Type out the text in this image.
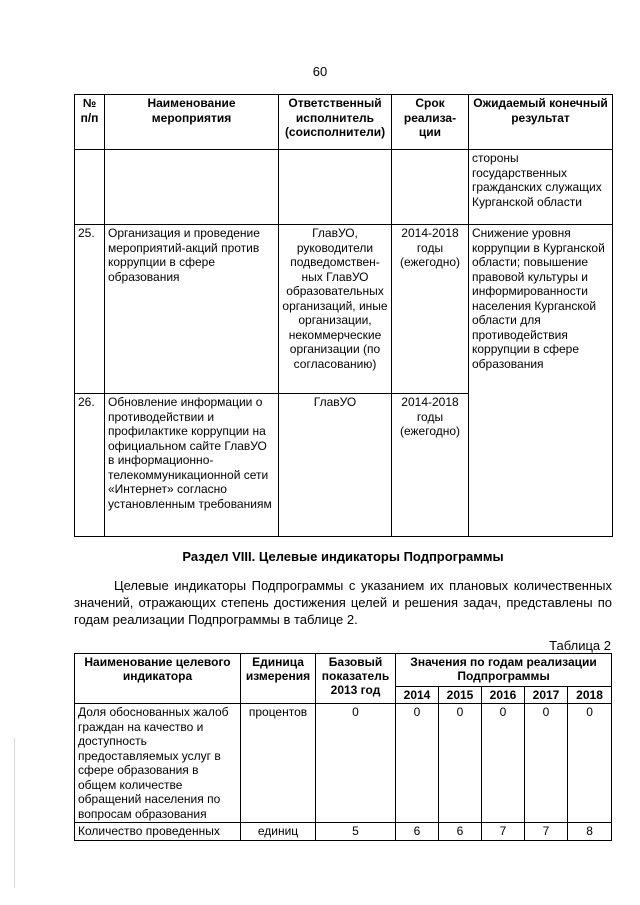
60
№ п/п	Наименование мероприятия	Ответственный исполнитель (соисполнители)	Срок реализа-ции	Ожидаемый конечный результат
				стороны государственных гражданских служащих Курганской области
25.	Организация и проведение мероприятий-акций против коррупции в сфере образования	ГлавУО, руководители подведомствен-ных ГлавУО образовательных организаций, иные организации, некоммерческие организации (по согласованию)	2014-2018 годы (ежегодно)	Снижение уровня коррупции в Курганской области; повышение правовой культуры и информированности населения Курганской области для противодействия коррупции в сфере образования
26.	Обновление информации о противодействии и профилактике коррупции на официальном сайте ГлавУО в информационно-телекоммуникационной сети «Интернет» согласно установленным требованиям	ГлавУО	2014-2018 годы (ежегодно)	
Раздел VIII. Целевые индикаторы Подпрограммы

Целевые индикаторы Подпрограммы с указанием их плановых количественных значений, отражающих степень достижения целей и решения задач, представлены по годам реализации Подпрограммы в таблице 2.

Таблица 2
Наименование целевого индикатора	Единица измерения	Базовый показатель 2013 год	Значения по годам реализации Подпрограммы				
			2014	2015	2016	2017	2018
Доля обоснованных жалоб граждан на качество и доступность предоставляемых услуг в сфере образования в общем количестве обращений населения по вопросам образования	процентов	0	0	0	0	0	0
Количество проведенных	единиц	5	6	6	7	7	8
